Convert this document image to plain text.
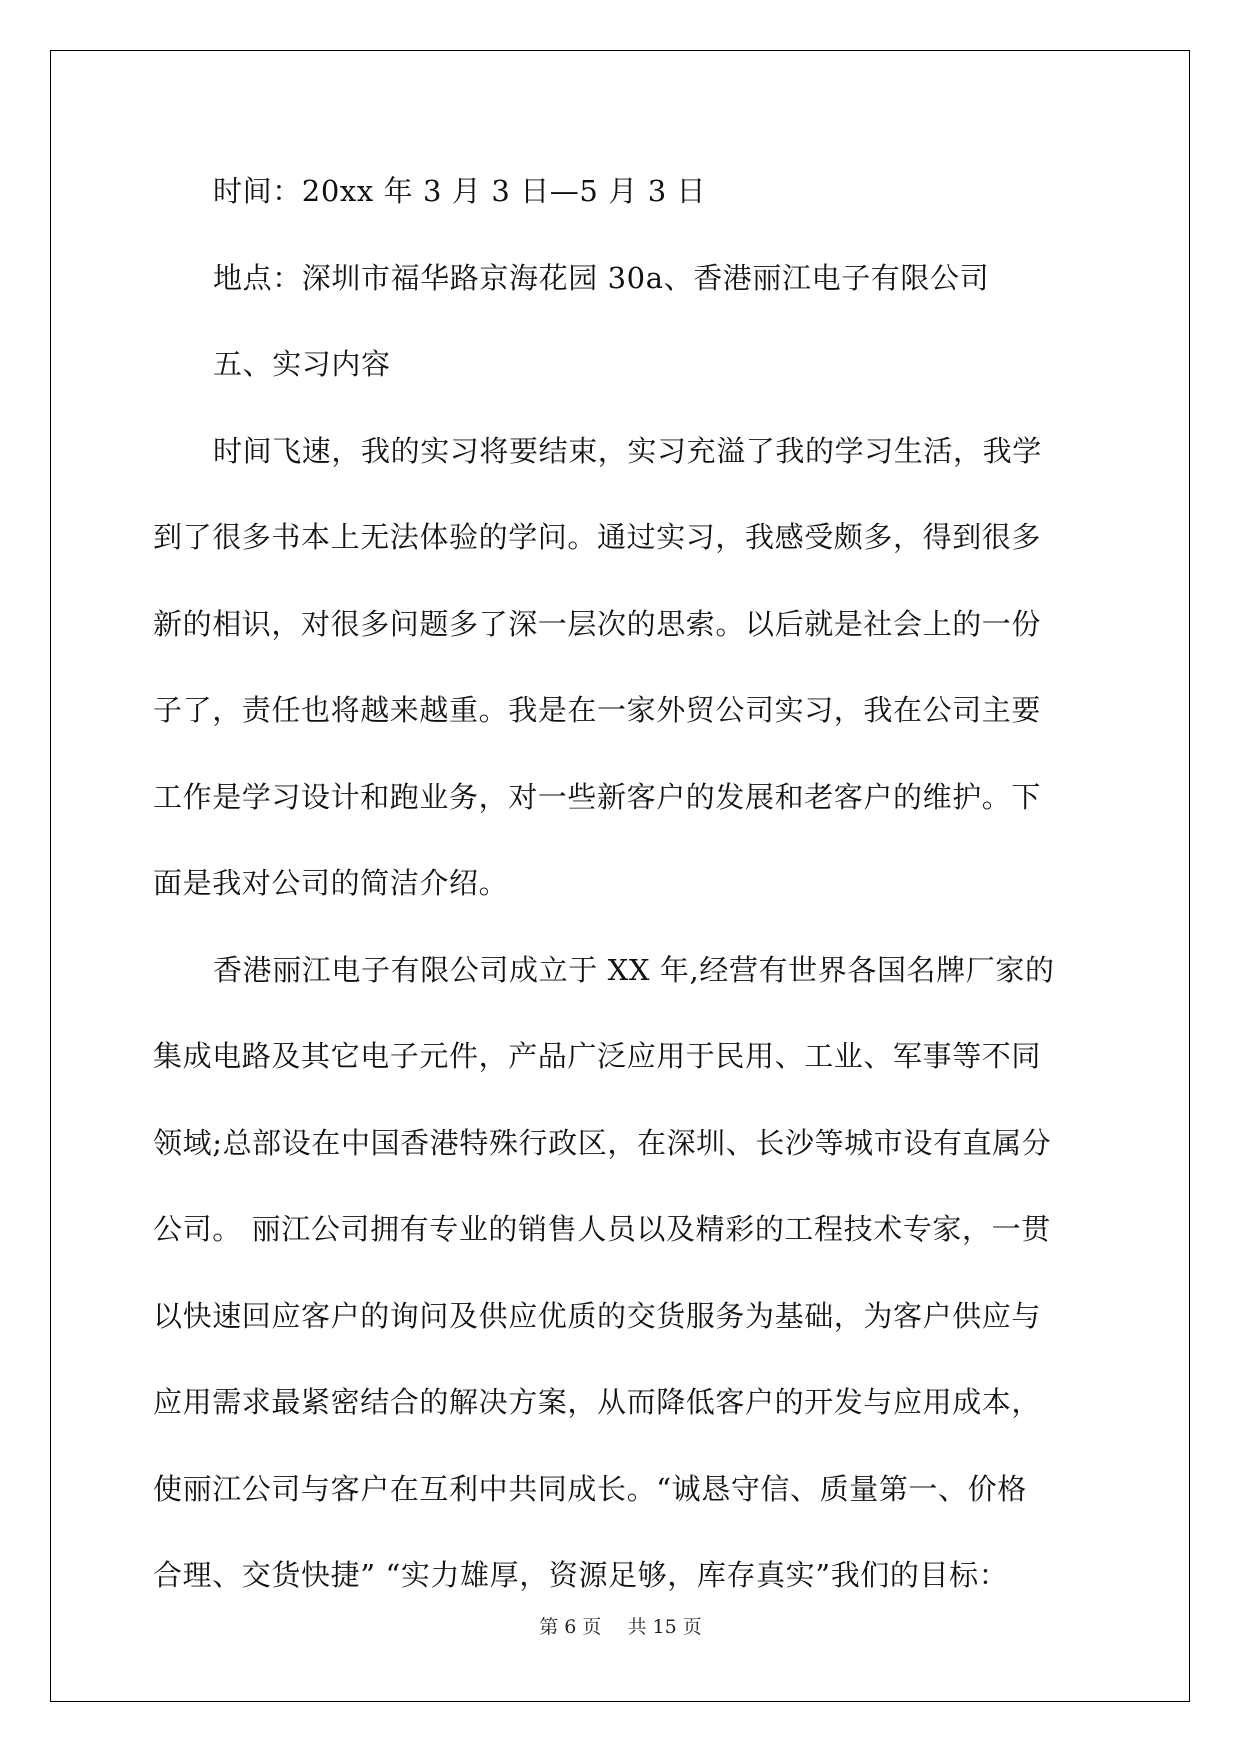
时间：20xx 年 3 月 3 日—5 月 3 日
地点：深圳市福华路京海花园 30a、香港丽江电子有限公司
五、实习内容
时间飞速，我的实习将要结束，实习充溢了我的学习生活，我学
到了很多书本上无法体验的学问。通过实习，我感受颇多，得到很多
新的相识，对很多问题多了深一层次的思索。以后就是社会上的一份
子了，责任也将越来越重。我是在一家外贸公司实习，我在公司主要
工作是学习设计和跑业务，对一些新客户的发展和老客户的维护。下
面是我对公司的简洁介绍。
香港丽江电子有限公司成立于 XX 年,经营有世界各国名牌厂家的
集成电路及其它电子元件，产品广泛应用于民用、工业、军事等不同
领域;总部设在中国香港特殊行政区，在深圳、长沙等城市设有直属分
公司。 丽江公司拥有专业的销售人员以及精彩的工程技术专家，一贯
以快速回应客户的询问及供应优质的交货服务为基础，为客户供应与
应用需求最紧密结合的解决方案，从而降低客户的开发与应用成本，
使丽江公司与客户在互利中共同成长。“诚恳守信、质量第一、价格
合理、交货快捷” “实力雄厚，资源足够，库存真实”我们的目标：
第 6 页 共 15 页
